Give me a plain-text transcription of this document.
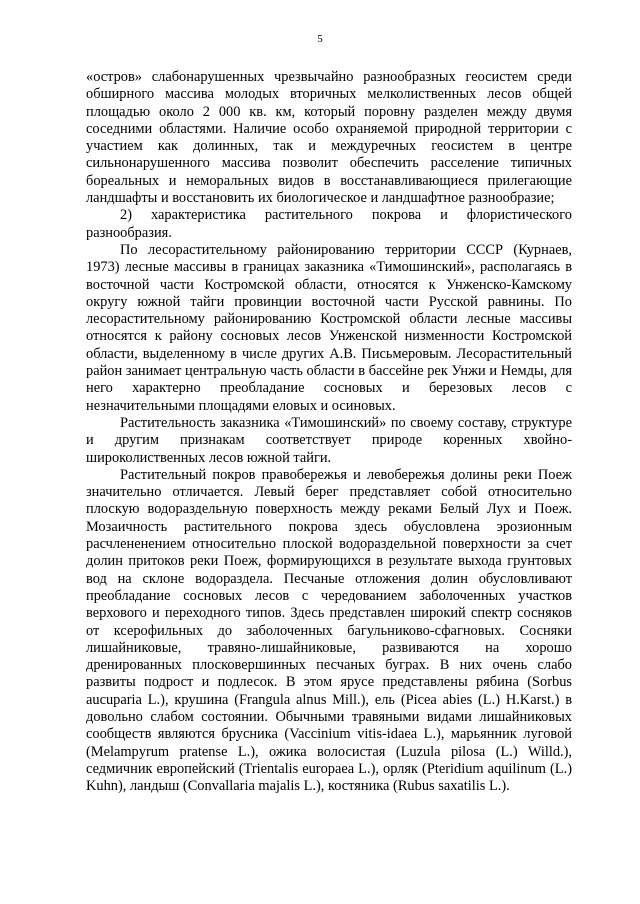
5

«остров» слабонарушенных чрезвычайно разнообразных геосистем среди обширного массива молодых вторичных мелколиственных лесов общей площадью около 2 000 кв. км, который поровну разделен между двумя соседними областями. Наличие особо охраняемой природной территории с участием как долинных, так и междуречных геосистем в центре сильнонарушенного массива позволит обеспечить расселение типичных бореальных и неморальных видов в восстанавливающиеся прилегающие ландшафты и восстановить их биологическое и ландшафтное разнообразие;

2) характеристика растительного покрова и флористического разнообразия.

По лесорастительному районированию территории СССР (Курнаев, 1973) лесные массивы в границах заказника «Тимошинский», располагаясь в восточной части Костромской области, относятся к Унженско-Камскому округу южной тайги провинции восточной части Русской равнины. По лесорастительному районированию Костромской области лесные массивы относятся к району сосновых лесов Унженской низменности Костромской области, выделенному в числе других А.В. Письмеровым. Лесорастительный район занимает центральную часть области в бассейне рек Унжи и Немды, для него характерно преобладание сосновых и березовых лесов с незначительными площадями еловых и осиновых.

Растительность заказника «Тимошинский» по своему составу, структуре и другим признакам соответствует природе коренных хвойно-широколиственных лесов южной тайги.

Растительный покров правобережья и левобережья долины реки Поеж значительно отличается. Левый берег представляет собой относительно плоскую водораздельную поверхность между реками Белый Лух и Поеж. Мозаичность растительного покрова здесь обусловлена эрозионным расчлененением относительно плоской водораздельной поверхности за счет долин притоков реки Поеж, формирующихся в результате выхода грунтовых вод на склоне водораздела. Песчаные отложения долин обусловливают преобладание сосновых лесов с чередованием заболоченных участков верхового и переходного типов. Здесь представлен широкий спектр сосняков от ксерофильных до заболоченных багульниково-сфагновых. Сосняки лишайниковые, травяно-лишайниковые, развиваются на хорошо дренированных плосковершинных песчаных буграх. В них очень слабо развиты подрост и подлесок. В этом ярусе представлены рябина (Sorbus aucuparia L.), крушина (Frangula alnus Mill.), ель (Picea abies (L.) H.Karst.) в довольно слабом состоянии. Обычными травяными видами лишайниковых сообществ являются брусника (Vaccinium vitis-idaea L.), марьянник луговой (Melampyrum pratense L.), ожика волосистая (Luzula pilosa (L.) Willd.), седмичник европейский (Trientalis europaea L.), орляк (Pteridium aquilinum (L.) Kuhn), ландыш (Convallaria majalis L.), костяника (Rubus saxatilis L.).
